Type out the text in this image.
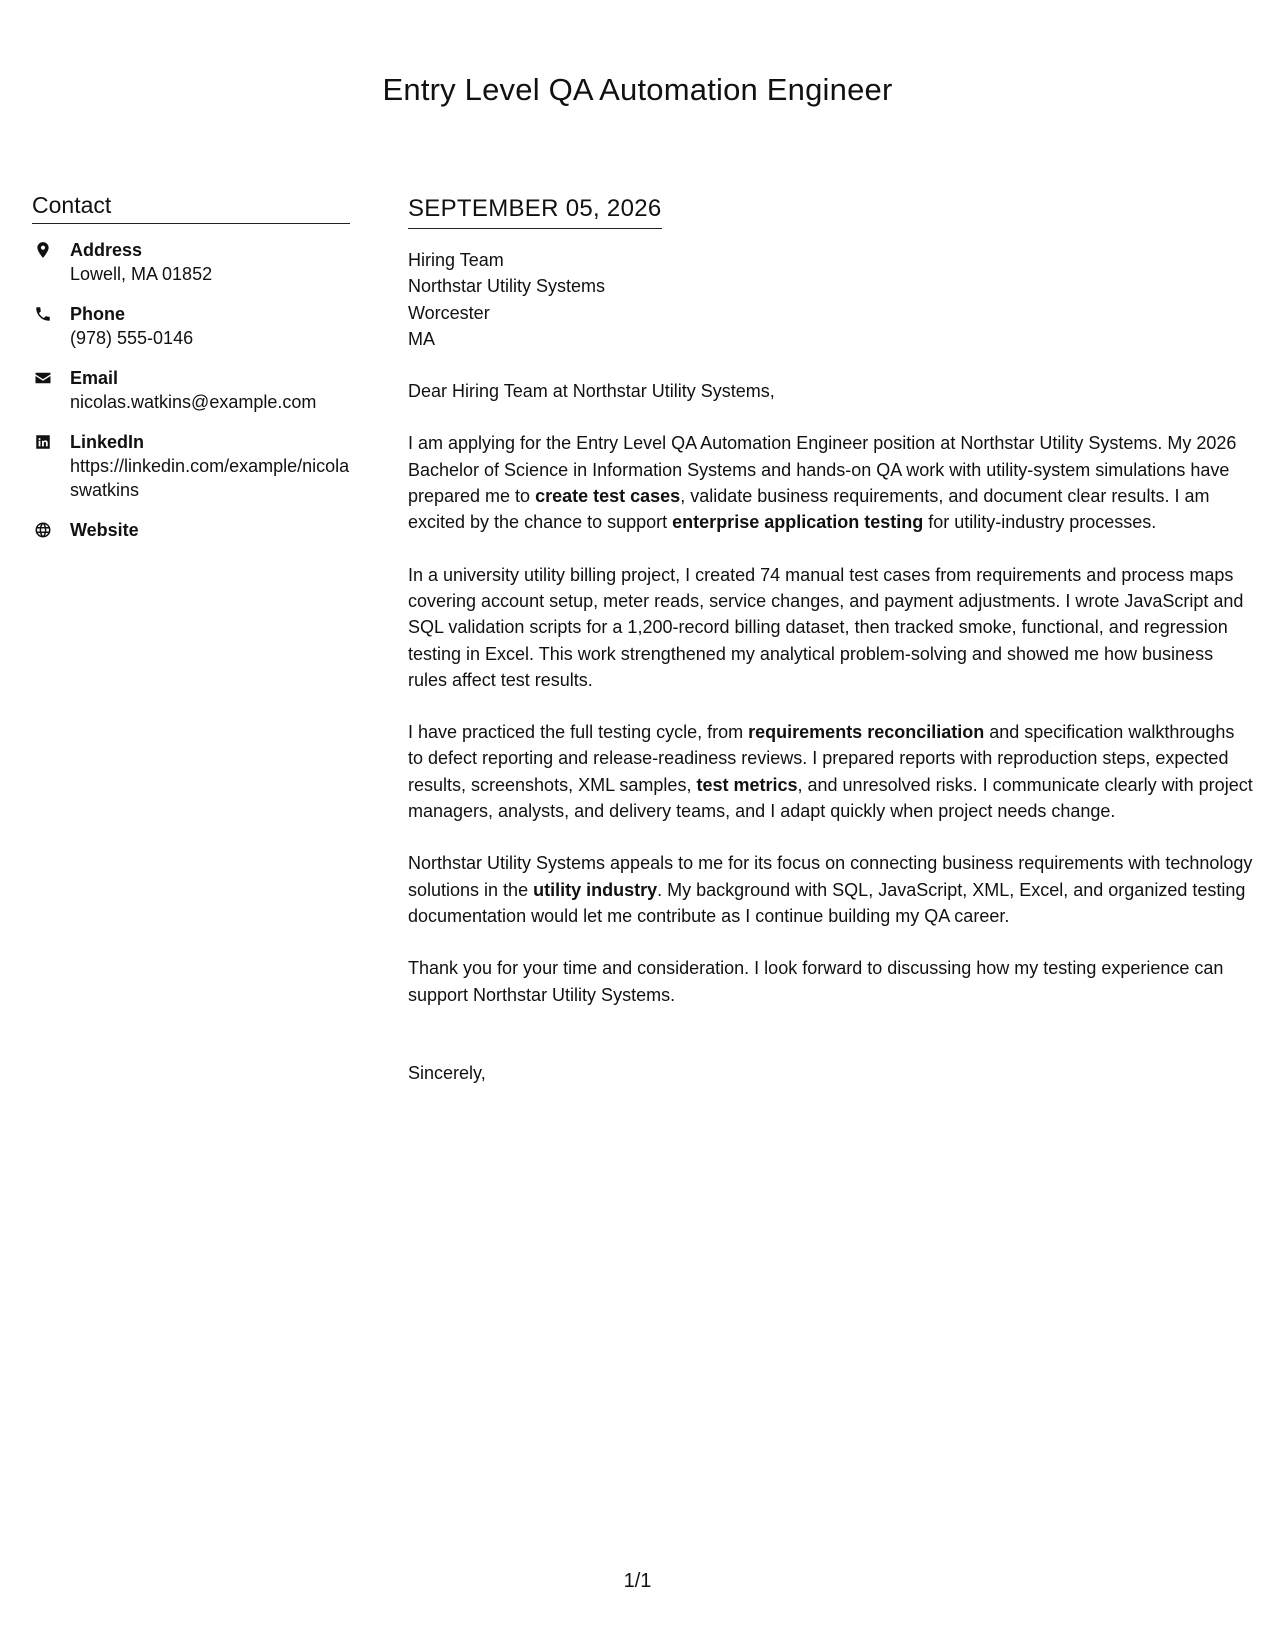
Entry Level QA Automation Engineer
Contact
Address
Lowell, MA 01852
Phone
(978) 555-0146
Email
nicolas.watkins@example.com
LinkedIn
https://linkedin.com/example/nicolaswatkins
Website
SEPTEMBER 05, 2026
Hiring Team
Northstar Utility Systems
Worcester
MA

Dear Hiring Team at Northstar Utility Systems,

I am applying for the Entry Level QA Automation Engineer position at Northstar Utility Systems. My 2026 Bachelor of Science in Information Systems and hands-on QA work with utility-system simulations have prepared me to create test cases, validate business requirements, and document clear results. I am excited by the chance to support enterprise application testing for utility-industry processes.

In a university utility billing project, I created 74 manual test cases from requirements and process maps covering account setup, meter reads, service changes, and payment adjustments. I wrote JavaScript and SQL validation scripts for a 1,200-record billing dataset, then tracked smoke, functional, and regression testing in Excel. This work strengthened my analytical problem-solving and showed me how business rules affect test results.

I have practiced the full testing cycle, from requirements reconciliation and specification walkthroughs to defect reporting and release-readiness reviews. I prepared reports with reproduction steps, expected results, screenshots, XML samples, test metrics, and unresolved risks. I communicate clearly with project managers, analysts, and delivery teams, and I adapt quickly when project needs change.

Northstar Utility Systems appeals to me for its focus on connecting business requirements with technology solutions in the utility industry. My background with SQL, JavaScript, XML, Excel, and organized testing documentation would let me contribute as I continue building my QA career.

Thank you for your time and consideration. I look forward to discussing how my testing experience can support Northstar Utility Systems.

Sincerely,

1/1
